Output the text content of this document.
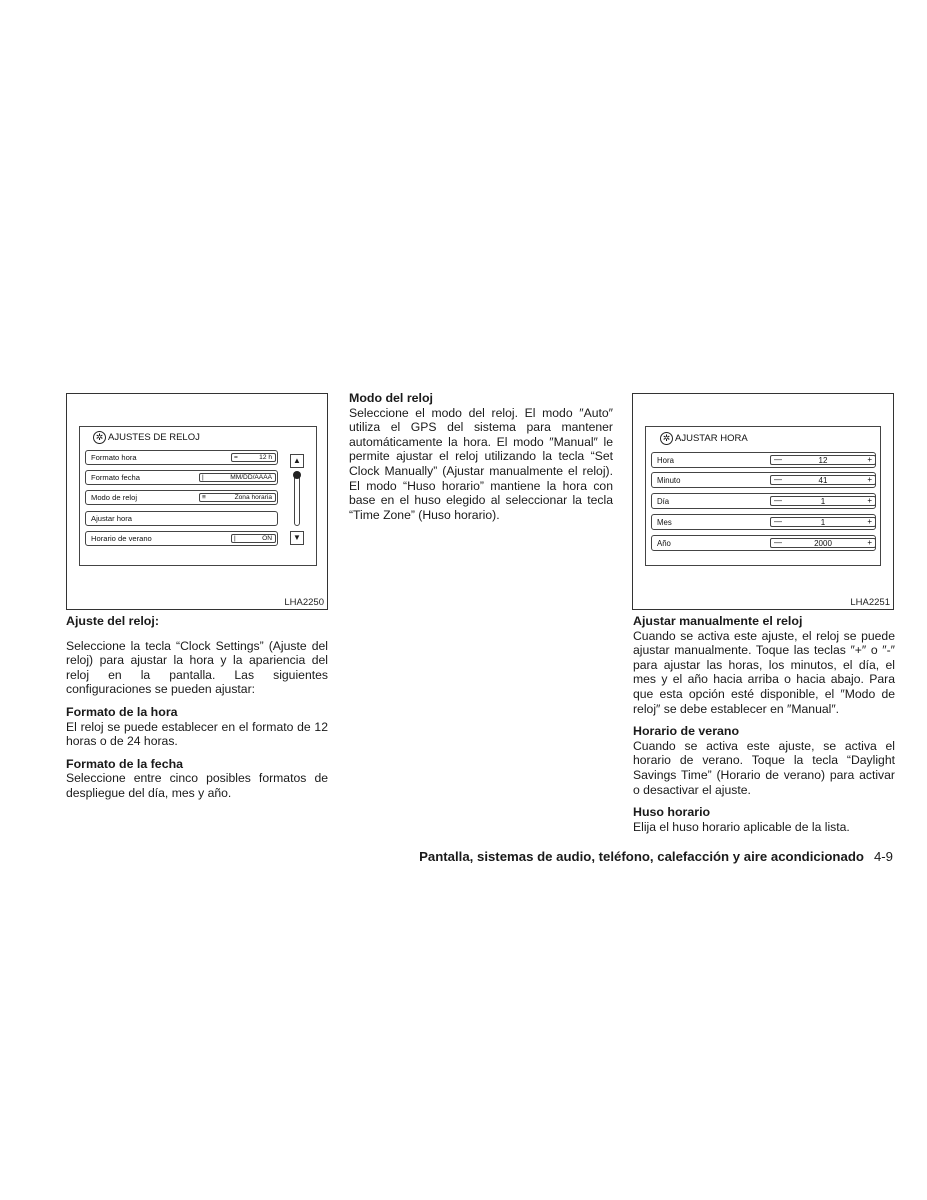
✲ AJUSTES DE RELOJ
Formato hora	=	12 h
Formato fecha	|	MM/DD/AAAA
Modo de reloj	≡	Zona horaria
Ajustar hora
Horario de verano	|	ON
▲
▼
LHA2250
Ajuste del reloj:

Seleccione la tecla “Clock Settings” (Ajuste del reloj) para ajustar la hora y la apariencia del reloj en la pantalla. Las siguientes configuraciones se pueden ajustar:

Formato de la hora

El reloj se puede establecer en el formato de 12 horas o de 24 horas.

Formato de la fecha

Seleccione entre cinco posibles formatos de despliegue del día, mes y año.

Modo del reloj

Seleccione el modo del reloj. El modo ″Auto″ utiliza el GPS del sistema para mantener automáticamente la hora. El modo ″Manual″ le permite ajustar el reloj utilizando la tecla “Set Clock Manually” (Ajustar manualmente el reloj). El modo “Huso horario” mantiene la hora con base en el huso elegido al seleccionar la tecla “Time Zone” (Huso horario).

✲ AJUSTAR HORA
Hora	—	12	+
Minuto	—	41	+
Día	—	1	+
Mes	—	1	+
Año	—	2000	+
LHA2251
Ajustar manualmente el reloj

Cuando se activa este ajuste, el reloj se puede ajustar manualmente. Toque las teclas ″+″ o ″-″ para ajustar las horas, los minutos, el día, el mes y el año hacia arriba o hacia abajo. Para que esta opción esté disponible, el ″Modo de reloj″ se debe establecer en ″Manual″.

Horario de verano

Cuando se activa este ajuste, se activa el horario de verano. Toque la tecla “Daylight Savings Time” (Horario de verano) para activar o desactivar el ajuste.

Huso horario

Elija el huso horario aplicable de la lista.

Pantalla, sistemas de audio, teléfono, calefacción y aire acondicionado 4-9
